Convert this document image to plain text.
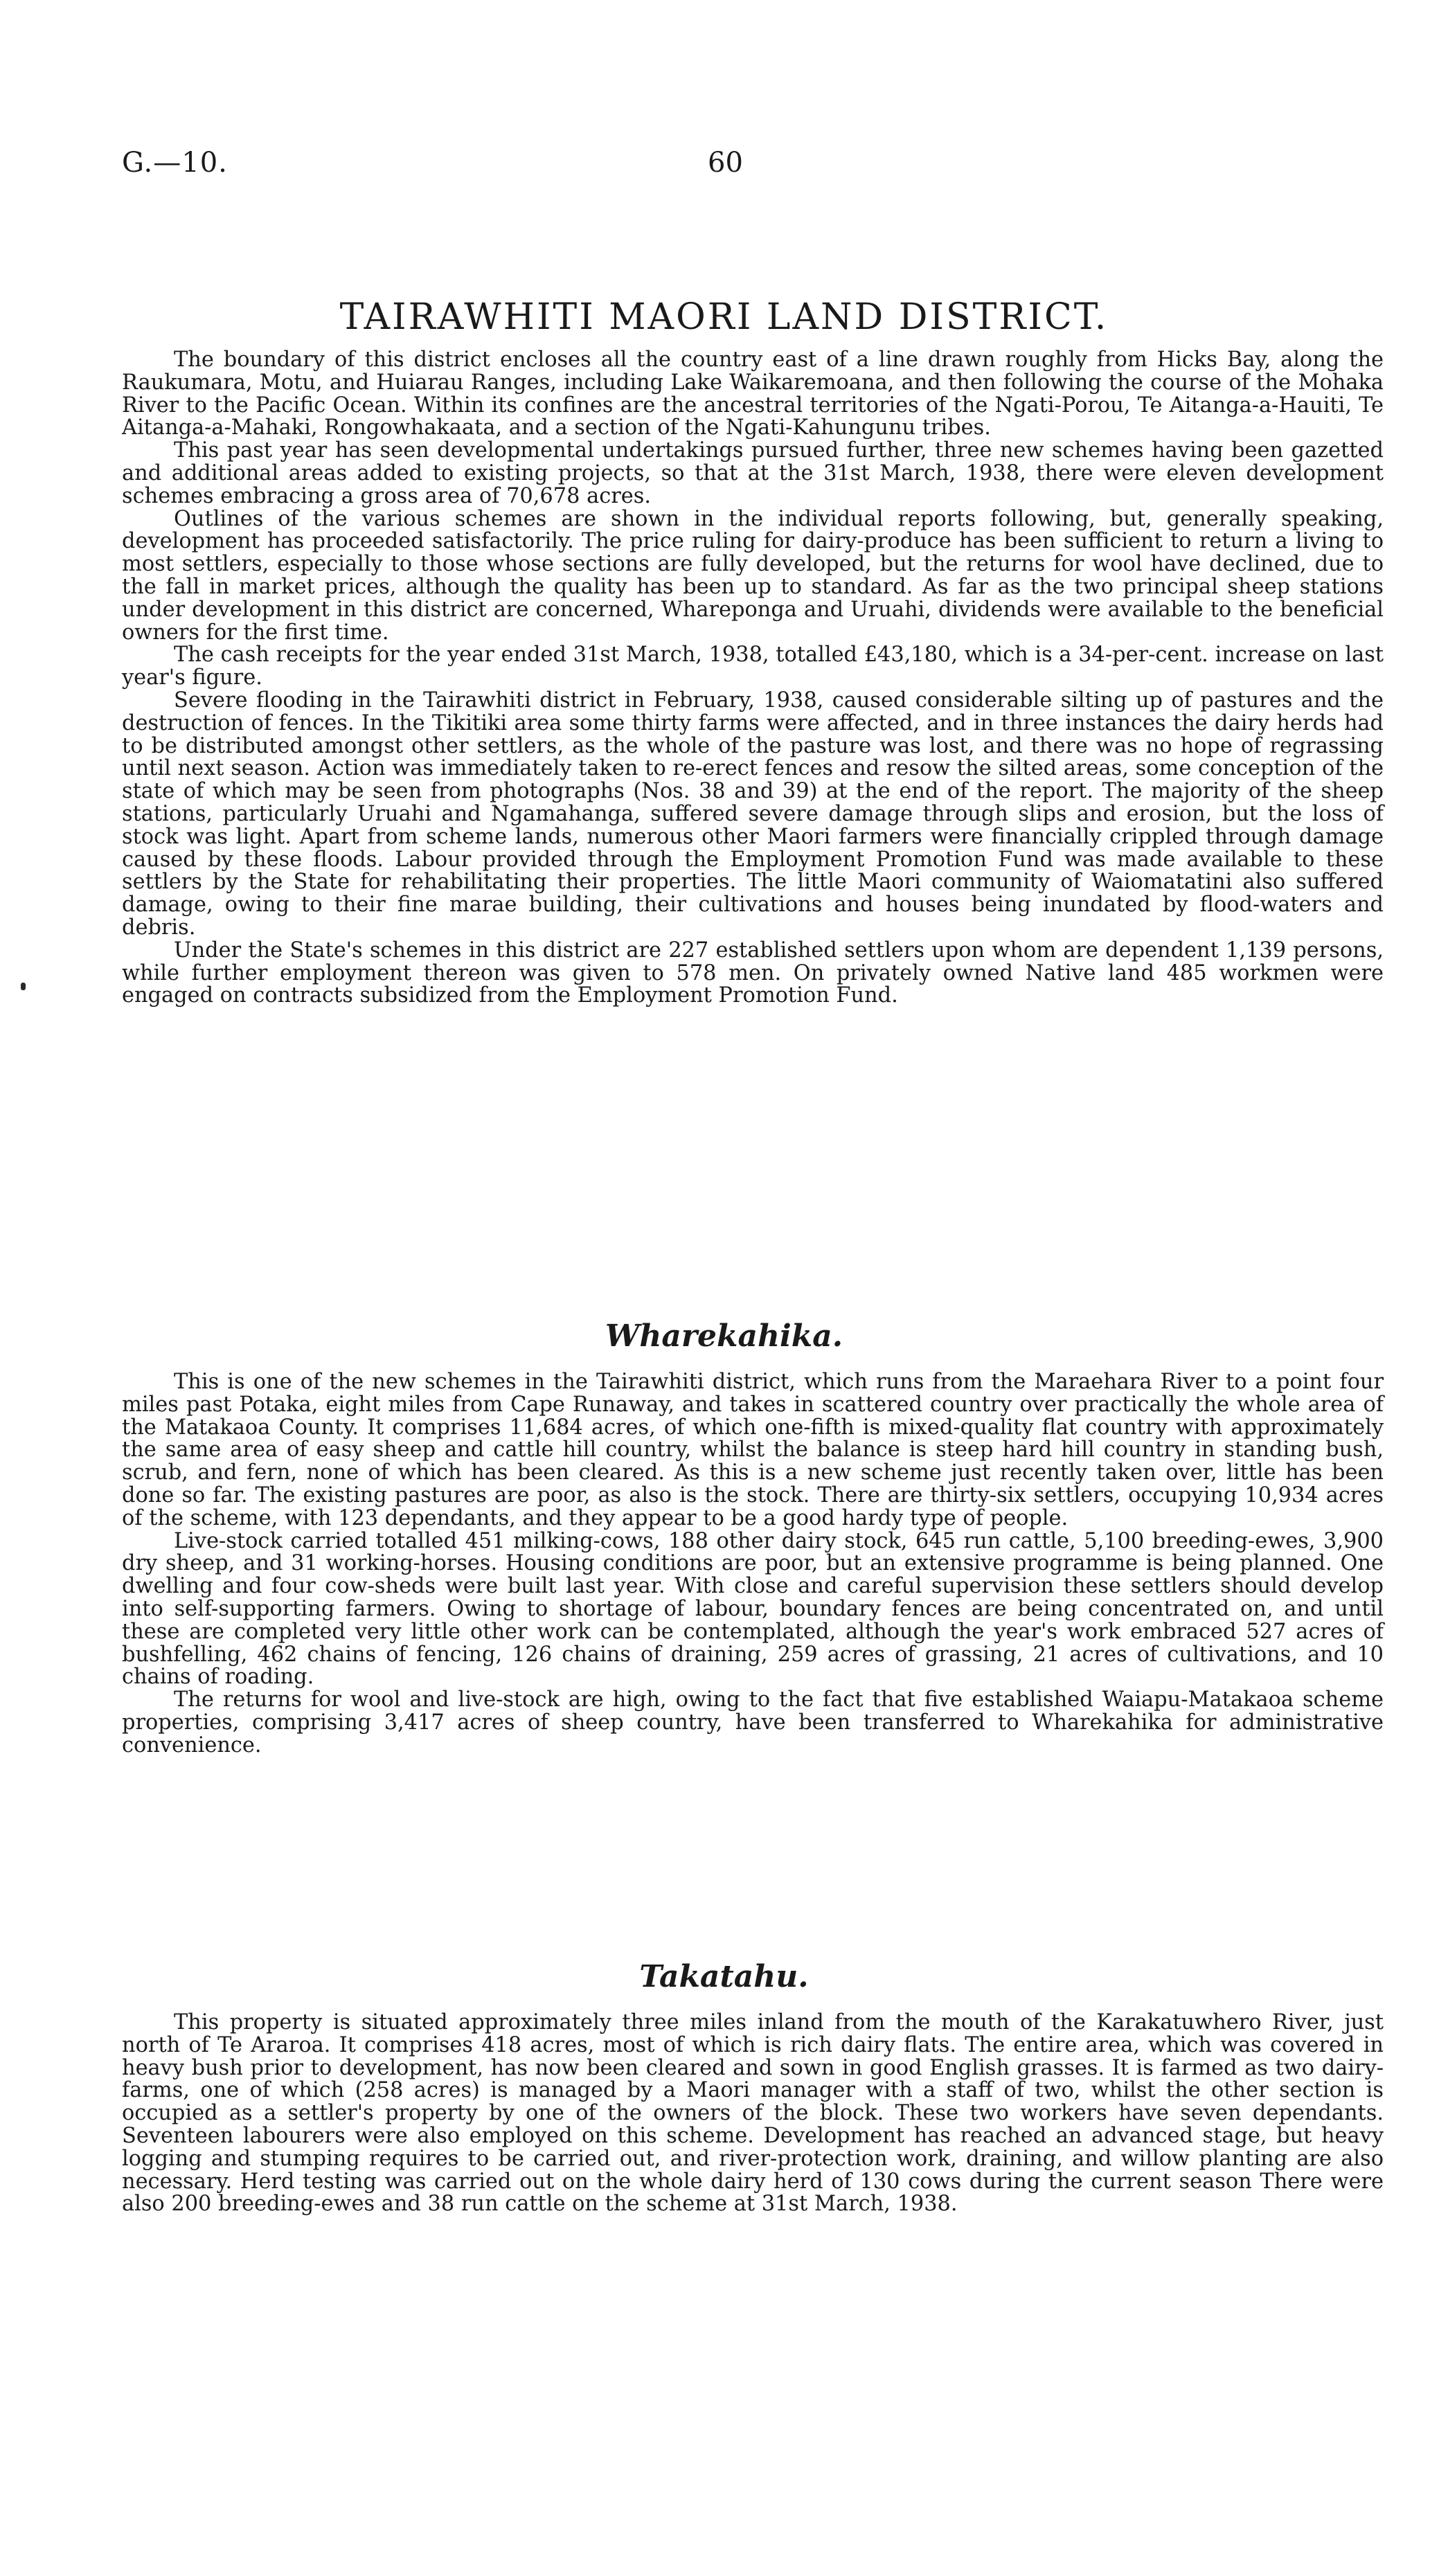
G.—10.	60
TAIRAWHITI MAORI LAND DISTRICT.

The boundary of this district encloses all the country east of a line drawn roughly from Hicks Bay, along the Raukumara, Motu, and Huiarau Ranges, including Lake Waikaremoana, and then following the course of the Mohaka River to the Pacific Ocean. Within its confines are the ancestral territories of the Ngati-Porou, Te Aitanga-a-Hauiti, Te Aitanga-a-Mahaki, Rongowhakaata, and a section of the Ngati-Kahungunu tribes.

This past year has seen developmental undertakings pursued further, three new schemes having been gazetted and additional areas added to existing projects, so that at the 31st March, 1938, there were eleven development schemes embracing a gross area of 70,678 acres.

Outlines of the various schemes are shown in the individual reports following, but, generally speaking, development has proceeded satisfactorily. The price ruling for dairy-produce has been sufficient to return a living to most settlers, especially to those whose sections are fully developed, but the returns for wool have declined, due to the fall in market prices, although the quality has been up to standard. As far as the two principal sheep stations under development in this district are concerned, Whareponga and Uruahi, dividends were available to the beneficial owners for the first time.

The cash receipts for the year ended 31st March, 1938, totalled £43,180, which is a 34-per-cent. increase on last year's figure.

Severe flooding in the Tairawhiti district in February, 1938, caused considerable silting up of pastures and the destruction of fences. In the Tikitiki area some thirty farms were affected, and in three instances the dairy herds had to be distributed amongst other settlers, as the whole of the pasture was lost, and there was no hope of regrassing until next season. Action was immediately taken to re-erect fences and resow the silted areas, some conception of the state of which may be seen from photographs (Nos. 38 and 39) at the end of the report. The majority of the sheep stations, particularly Uruahi and Ngamahanga, suffered severe damage through slips and erosion, but the loss of stock was light. Apart from scheme lands, numerous other Maori farmers were financially crippled through damage caused by these floods. Labour provided through the Employment Promotion Fund was made available to these settlers by the State for rehabilitating their properties. The little Maori community of Waiomatatini also suffered damage, owing to their fine marae building, their cultivations and houses being inundated by flood-waters and debris.

Under the State's schemes in this district are 227 established settlers upon whom are dependent 1,139 persons, while further employment thereon was given to 578 men. On privately owned Native land 485 workmen were engaged on contracts subsidized from the Employment Promotion Fund.

Wharekahika.

This is one of the new schemes in the Tairawhiti district, which runs from the Maraehara River to a point four miles past Potaka, eight miles from Cape Runaway, and takes in scattered country over practically the whole area of the Matakaoa County. It comprises 11,684 acres, of which one-fifth is mixed-quality flat country with approximately the same area of easy sheep and cattle hill country, whilst the balance is steep hard hill country in standing bush, scrub, and fern, none of which has been cleared. As this is a new scheme just recently taken over, little has been done so far. The existing pastures are poor, as also is the stock. There are thirty-six settlers, occupying 10,934 acres of the scheme, with 123 dependants, and they appear to be a good hardy type of people.

Live-stock carried totalled 451 milking-cows, 188 other dairy stock, 645 run cattle, 5,100 breeding-ewes, 3,900 dry sheep, and 31 working-horses. Housing conditions are poor, but an extensive programme is being planned. One dwelling and four cow-sheds were built last year. With close and careful supervision these settlers should develop into self-supporting farmers. Owing to shortage of labour, boundary fences are being concentrated on, and until these are completed very little other work can be contemplated, although the year's work embraced 527 acres of bushfelling, 462 chains of fencing, 126 chains of draining, 259 acres of grassing, 21 acres of cultivations, and 10 chains of roading.

The returns for wool and live-stock are high, owing to the fact that five established Waiapu-Matakaoa scheme properties, comprising 3,417 acres of sheep country, have been transferred to Wharekahika for administrative convenience.

Takatahu.

This property is situated approximately three miles inland from the mouth of the Karakatuwhero River, just north of Te Araroa. It comprises 418 acres, most of which is rich dairy flats. The entire area, which was covered in heavy bush prior to development, has now been cleared and sown in good English grasses. It is farmed as two dairy-farms, one of which (258 acres) is managed by a Maori manager with a staff of two, whilst the other section is occupied as a settler's property by one of the owners of the block. These two workers have seven dependants. Seventeen labourers were also employed on this scheme. Development has reached an advanced stage, but heavy logging and stumping requires to be carried out, and river-protection work, draining, and willow planting are also necessary. Herd testing was carried out on the whole dairy herd of 130 cows during the current season There were also 200 breeding-ewes and 38 run cattle on the scheme at 31st March, 1938.
